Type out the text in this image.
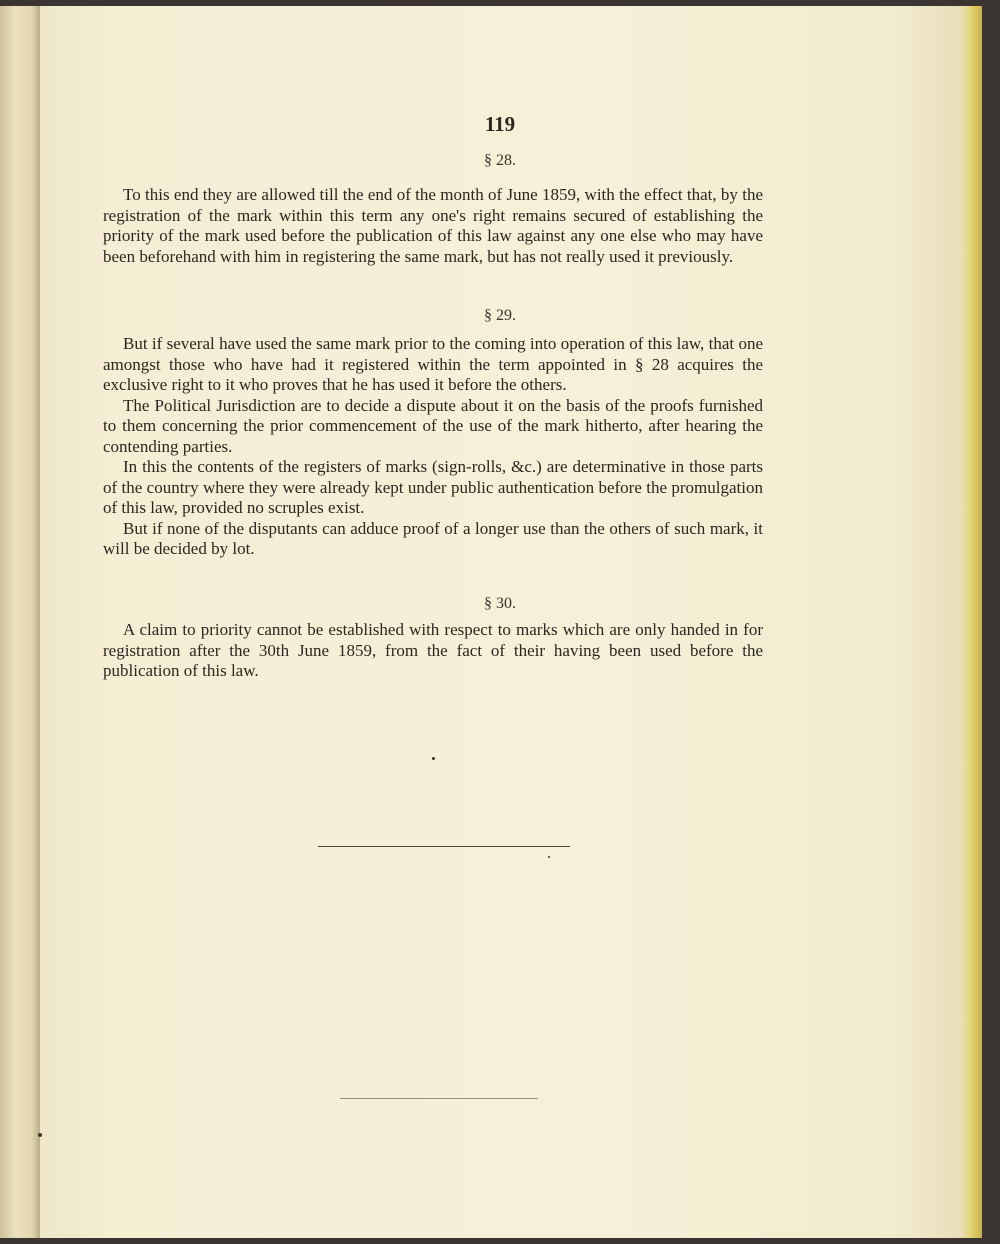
119
§ 28.

To this end they are allowed till the end of the month of June 1859, with the effect that, by the registration of the mark within this term any one's right remains secured of establishing the priority of the mark used before the publication of this law against any one else who may have been beforehand with him in registering the same mark, but has not really used it previously.

§ 29.

But if several have used the same mark prior to the coming into operation of this law, that one amongst those who have had it registered within the term appointed in § 28 acquires the exclusive right to it who proves that he has used it before the others.

The Political Jurisdiction are to decide a dispute about it on the basis of the proofs furnished to them concerning the prior commencement of the use of the mark hitherto, after hearing the contending parties.

In this the contents of the registers of marks (sign-rolls, &c.) are determinative in those parts of the country where they were already kept under public authentication before the promulgation of this law, provided no scruples exist.

But if none of the disputants can adduce proof of a longer use than the others of such mark, it will be decided by lot.

§ 30.

A claim to priority cannot be established with respect to marks which are only handed in for registration after the 30th June 1859, from the fact of their having been used before the publication of this law.
